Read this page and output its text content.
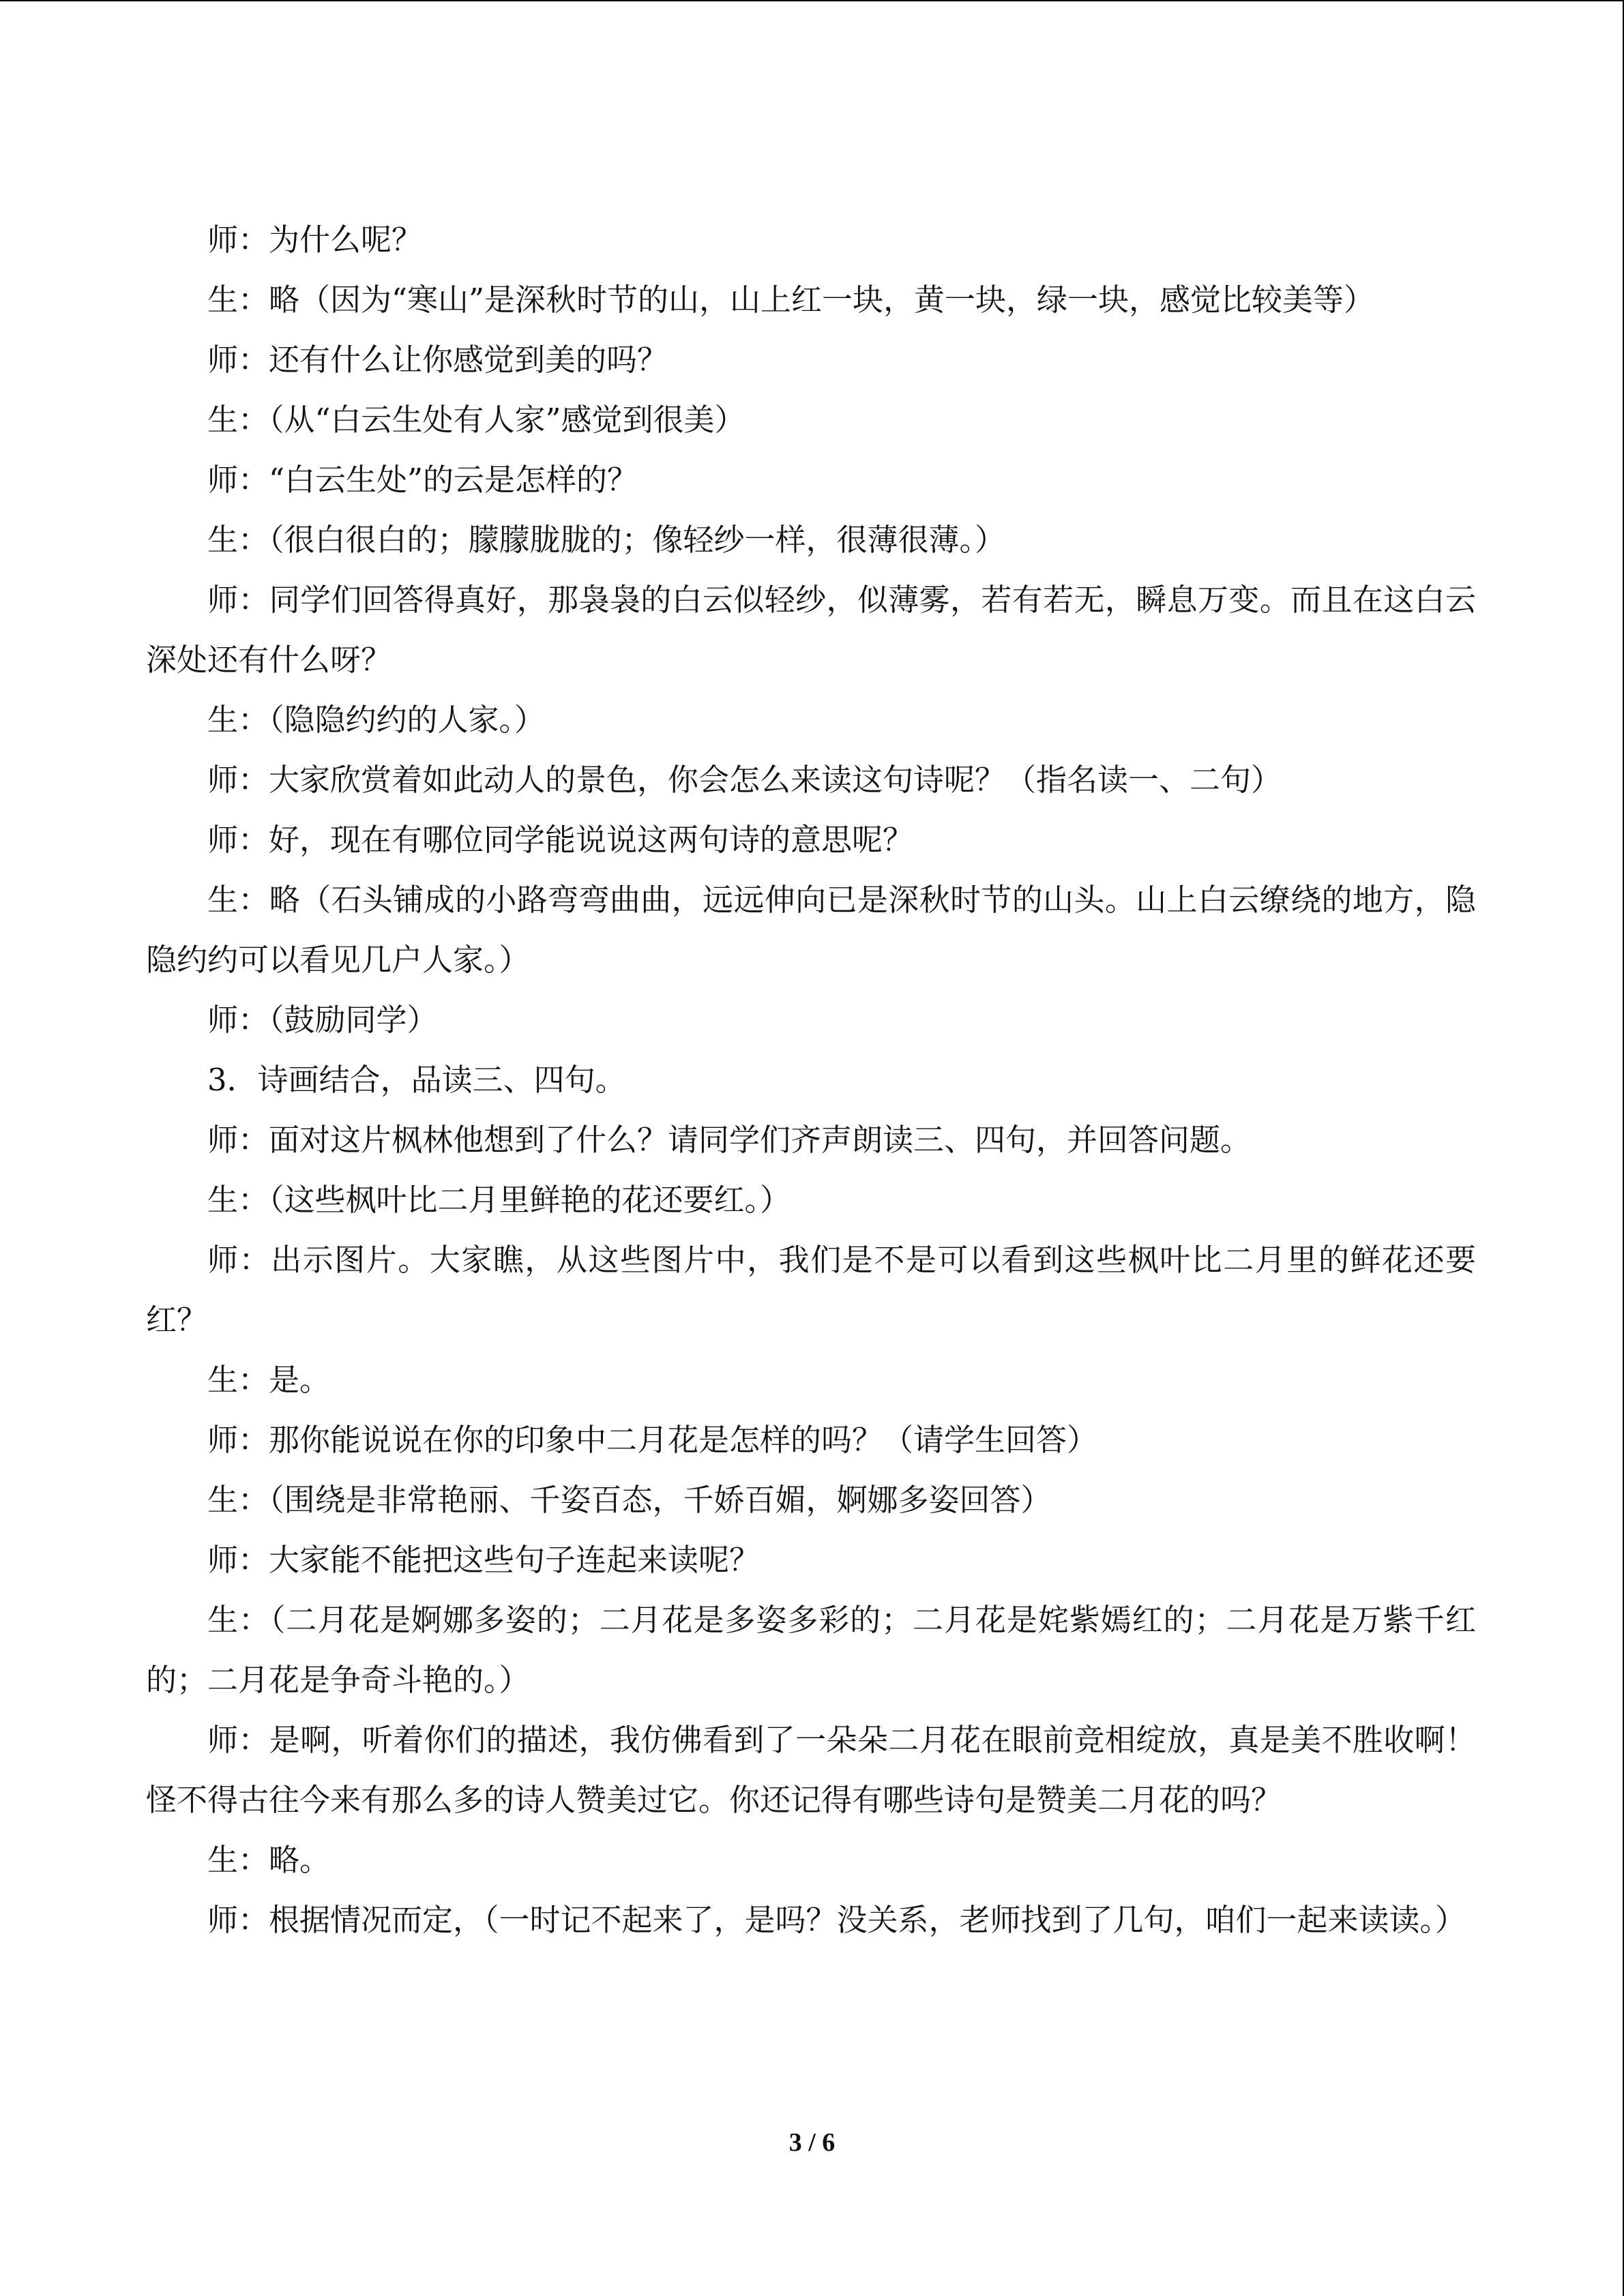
师：为什么呢？

生：略（因为“寒山”是深秋时节的山，山上红一块，黄一块，绿一块，感觉比较美等）

师：还有什么让你感觉到美的吗？

生：（从“白云生处有人家”感觉到很美）

师：“白云生处”的云是怎样的？

生：（很白很白的；朦朦胧胧的；像轻纱一样，很薄很薄。）

师：同学们回答得真好，那袅袅的白云似轻纱，似薄雾，若有若无，瞬息万变。而且在这白云深处还有什么呀？

生：（隐隐约约的人家。）

师：大家欣赏着如此动人的景色，你会怎么来读这句诗呢？（指名读一、二句）

师：好，现在有哪位同学能说说这两句诗的意思呢？

生：略（石头铺成的小路弯弯曲曲，远远伸向已是深秋时节的山头。山上白云缭绕的地方，隐隐约约可以看见几户人家。）

师：（鼓励同学）

3．诗画结合，品读三、四句。

师：面对这片枫林他想到了什么？请同学们齐声朗读三、四句，并回答问题。

生：（这些枫叶比二月里鲜艳的花还要红。）

师：出示图片。大家瞧，从这些图片中，我们是不是可以看到这些枫叶比二月里的鲜花还要红？

生：是。

师：那你能说说在你的印象中二月花是怎样的吗？（请学生回答）

生：（围绕是非常艳丽、千姿百态，千娇百媚，婀娜多姿回答）

师：大家能不能把这些句子连起来读呢？

生：（二月花是婀娜多姿的；二月花是多姿多彩的；二月花是姹紫嫣红的；二月花是万紫千红的；二月花是争奇斗艳的。）

师：是啊，听着你们的描述，我仿佛看到了一朵朵二月花在眼前竞相绽放，真是美不胜收啊！怪不得古往今来有那么多的诗人赞美过它。你还记得有哪些诗句是赞美二月花的吗？

生：略。

师：根据情况而定，（一时记不起来了，是吗？没关系，老师找到了几句，咱们一起来读读。）

3 / 6
